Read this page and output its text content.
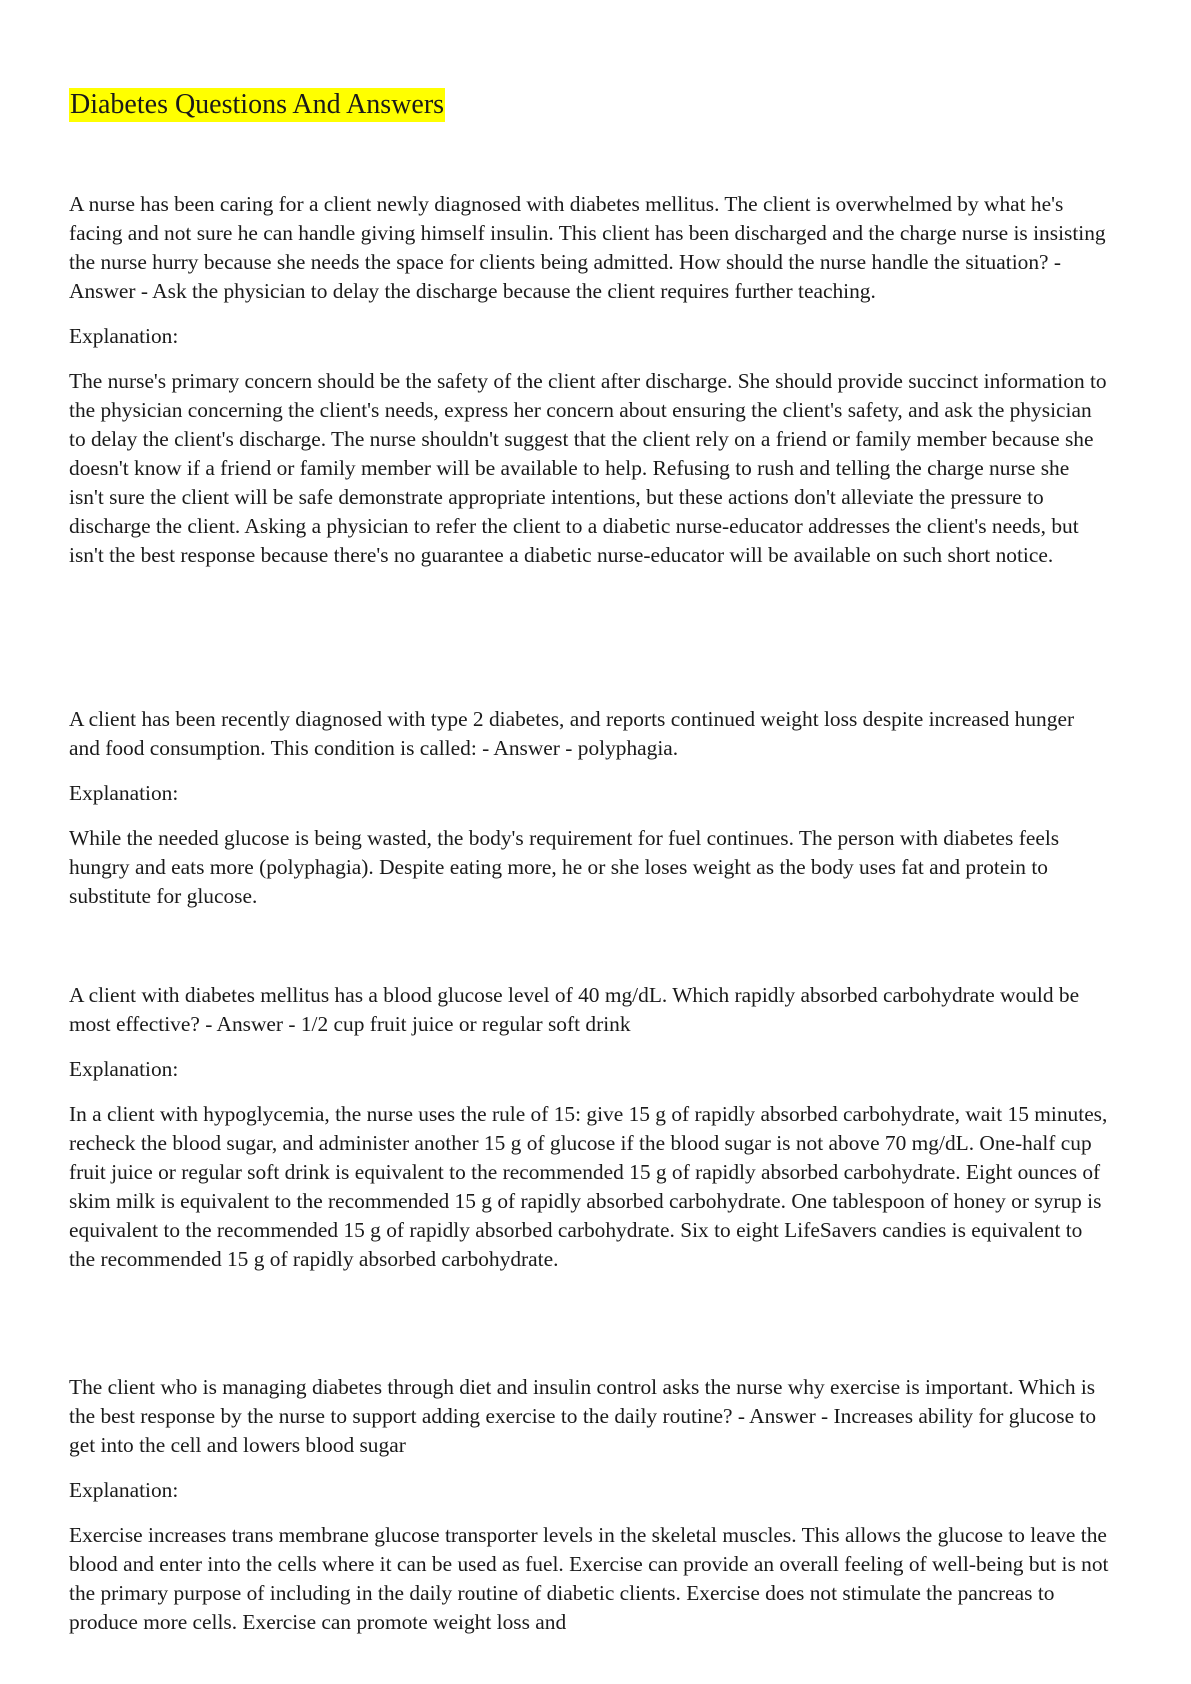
Diabetes Questions And Answers

A nurse has been caring for a client newly diagnosed with diabetes mellitus. The client is overwhelmed by what he's facing and not sure he can handle giving himself insulin. This client has been discharged and the charge nurse is insisting the nurse hurry because she needs the space for clients being admitted. How should the nurse handle the situation? - Answer - Ask the physician to delay the discharge because the client requires further teaching.

Explanation:

The nurse's primary concern should be the safety of the client after discharge. She should provide succinct information to the physician concerning the client's needs, express her concern about ensuring the client's safety, and ask the physician to delay the client's discharge. The nurse shouldn't suggest that the client rely on a friend or family member because she doesn't know if a friend or family member will be available to help. Refusing to rush and telling the charge nurse she isn't sure the client will be safe demonstrate appropriate intentions, but these actions don't alleviate the pressure to discharge the client. Asking a physician to refer the client to a diabetic nurse-educator addresses the client's needs, but isn't the best response because there's no guarantee a diabetic nurse-educator will be available on such short notice.

A client has been recently diagnosed with type 2 diabetes, and reports continued weight loss despite increased hunger and food consumption. This condition is called: - Answer - polyphagia.

Explanation:

While the needed glucose is being wasted, the body's requirement for fuel continues. The person with diabetes feels hungry and eats more (polyphagia). Despite eating more, he or she loses weight as the body uses fat and protein to substitute for glucose.

A client with diabetes mellitus has a blood glucose level of 40 mg/dL. Which rapidly absorbed carbohydrate would be most effective? - Answer - 1/2 cup fruit juice or regular soft drink

Explanation:

In a client with hypoglycemia, the nurse uses the rule of 15: give 15 g of rapidly absorbed carbohydrate, wait 15 minutes, recheck the blood sugar, and administer another 15 g of glucose if the blood sugar is not above 70 mg/dL. One-half cup fruit juice or regular soft drink is equivalent to the recommended 15 g of rapidly absorbed carbohydrate. Eight ounces of skim milk is equivalent to the recommended 15 g of rapidly absorbed carbohydrate. One tablespoon of honey or syrup is equivalent to the recommended 15 g of rapidly absorbed carbohydrate. Six to eight LifeSavers candies is equivalent to the recommended 15 g of rapidly absorbed carbohydrate.

The client who is managing diabetes through diet and insulin control asks the nurse why exercise is important. Which is the best response by the nurse to support adding exercise to the daily routine? - Answer - Increases ability for glucose to get into the cell and lowers blood sugar

Explanation:

Exercise increases trans membrane glucose transporter levels in the skeletal muscles. This allows the glucose to leave the blood and enter into the cells where it can be used as fuel. Exercise can provide an overall feeling of well-being but is not the primary purpose of including in the daily routine of diabetic clients. Exercise does not stimulate the pancreas to produce more cells. Exercise can promote weight loss and
